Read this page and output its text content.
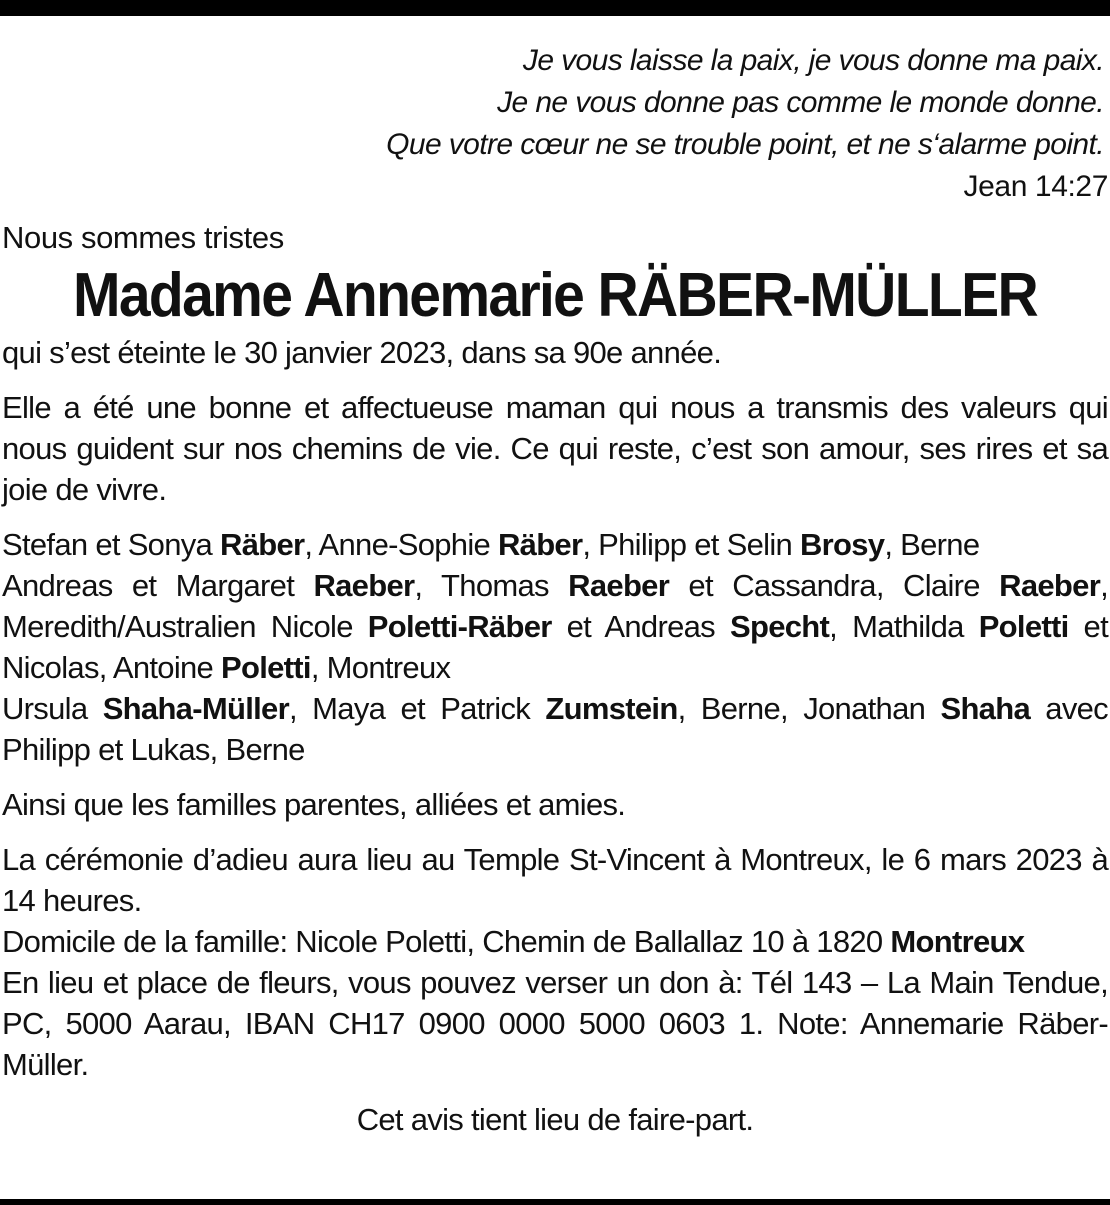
Je vous laisse la paix, je vous donne ma paix.
Je ne vous donne pas comme le monde donne.
Que votre cœur ne se trouble point, et ne s‘alarme point.
Jean 14:27
Nous sommes tristes
Madame Annemarie RÄBER-MÜLLER

qui s’est éteinte le 30 janvier 2023, dans sa 90e année.

Elle a été une bonne et affectueuse maman qui nous a transmis des valeurs qui nous guident sur nos chemins de vie. Ce qui reste, c’est son amour, ses rires et sa joie de vivre.

Stefan et Sonya Räber, Anne-Sophie Räber, Philipp et Selin Brosy, Berne

Andreas et Margaret Raeber, Thomas Raeber et Cassandra, Claire Raeber, Meredith/Australien Nicole Poletti-Räber et Andreas Specht, Mathilda Poletti et Nicolas, Antoine Poletti, Montreux

Ursula Shaha-Müller, Maya et Patrick Zumstein, Berne, Jonathan Shaha avec Philipp et Lukas, Berne

Ainsi que les familles parentes, alliées et amies.

La cérémonie d’adieu aura lieu au Temple St-Vincent à Montreux, le 6 mars 2023 à 14 heures.

Domicile de la famille: Nicole Poletti, Chemin de Ballallaz 10 à 1820 Montreux

En lieu et place de fleurs, vous pouvez verser un don à: Tél 143 – La Main Tendue, PC, 5000 Aarau, IBAN CH17 0900 0000 5000 0603 1. Note: Annemarie Räber-Müller.

Cet avis tient lieu de faire-part.
